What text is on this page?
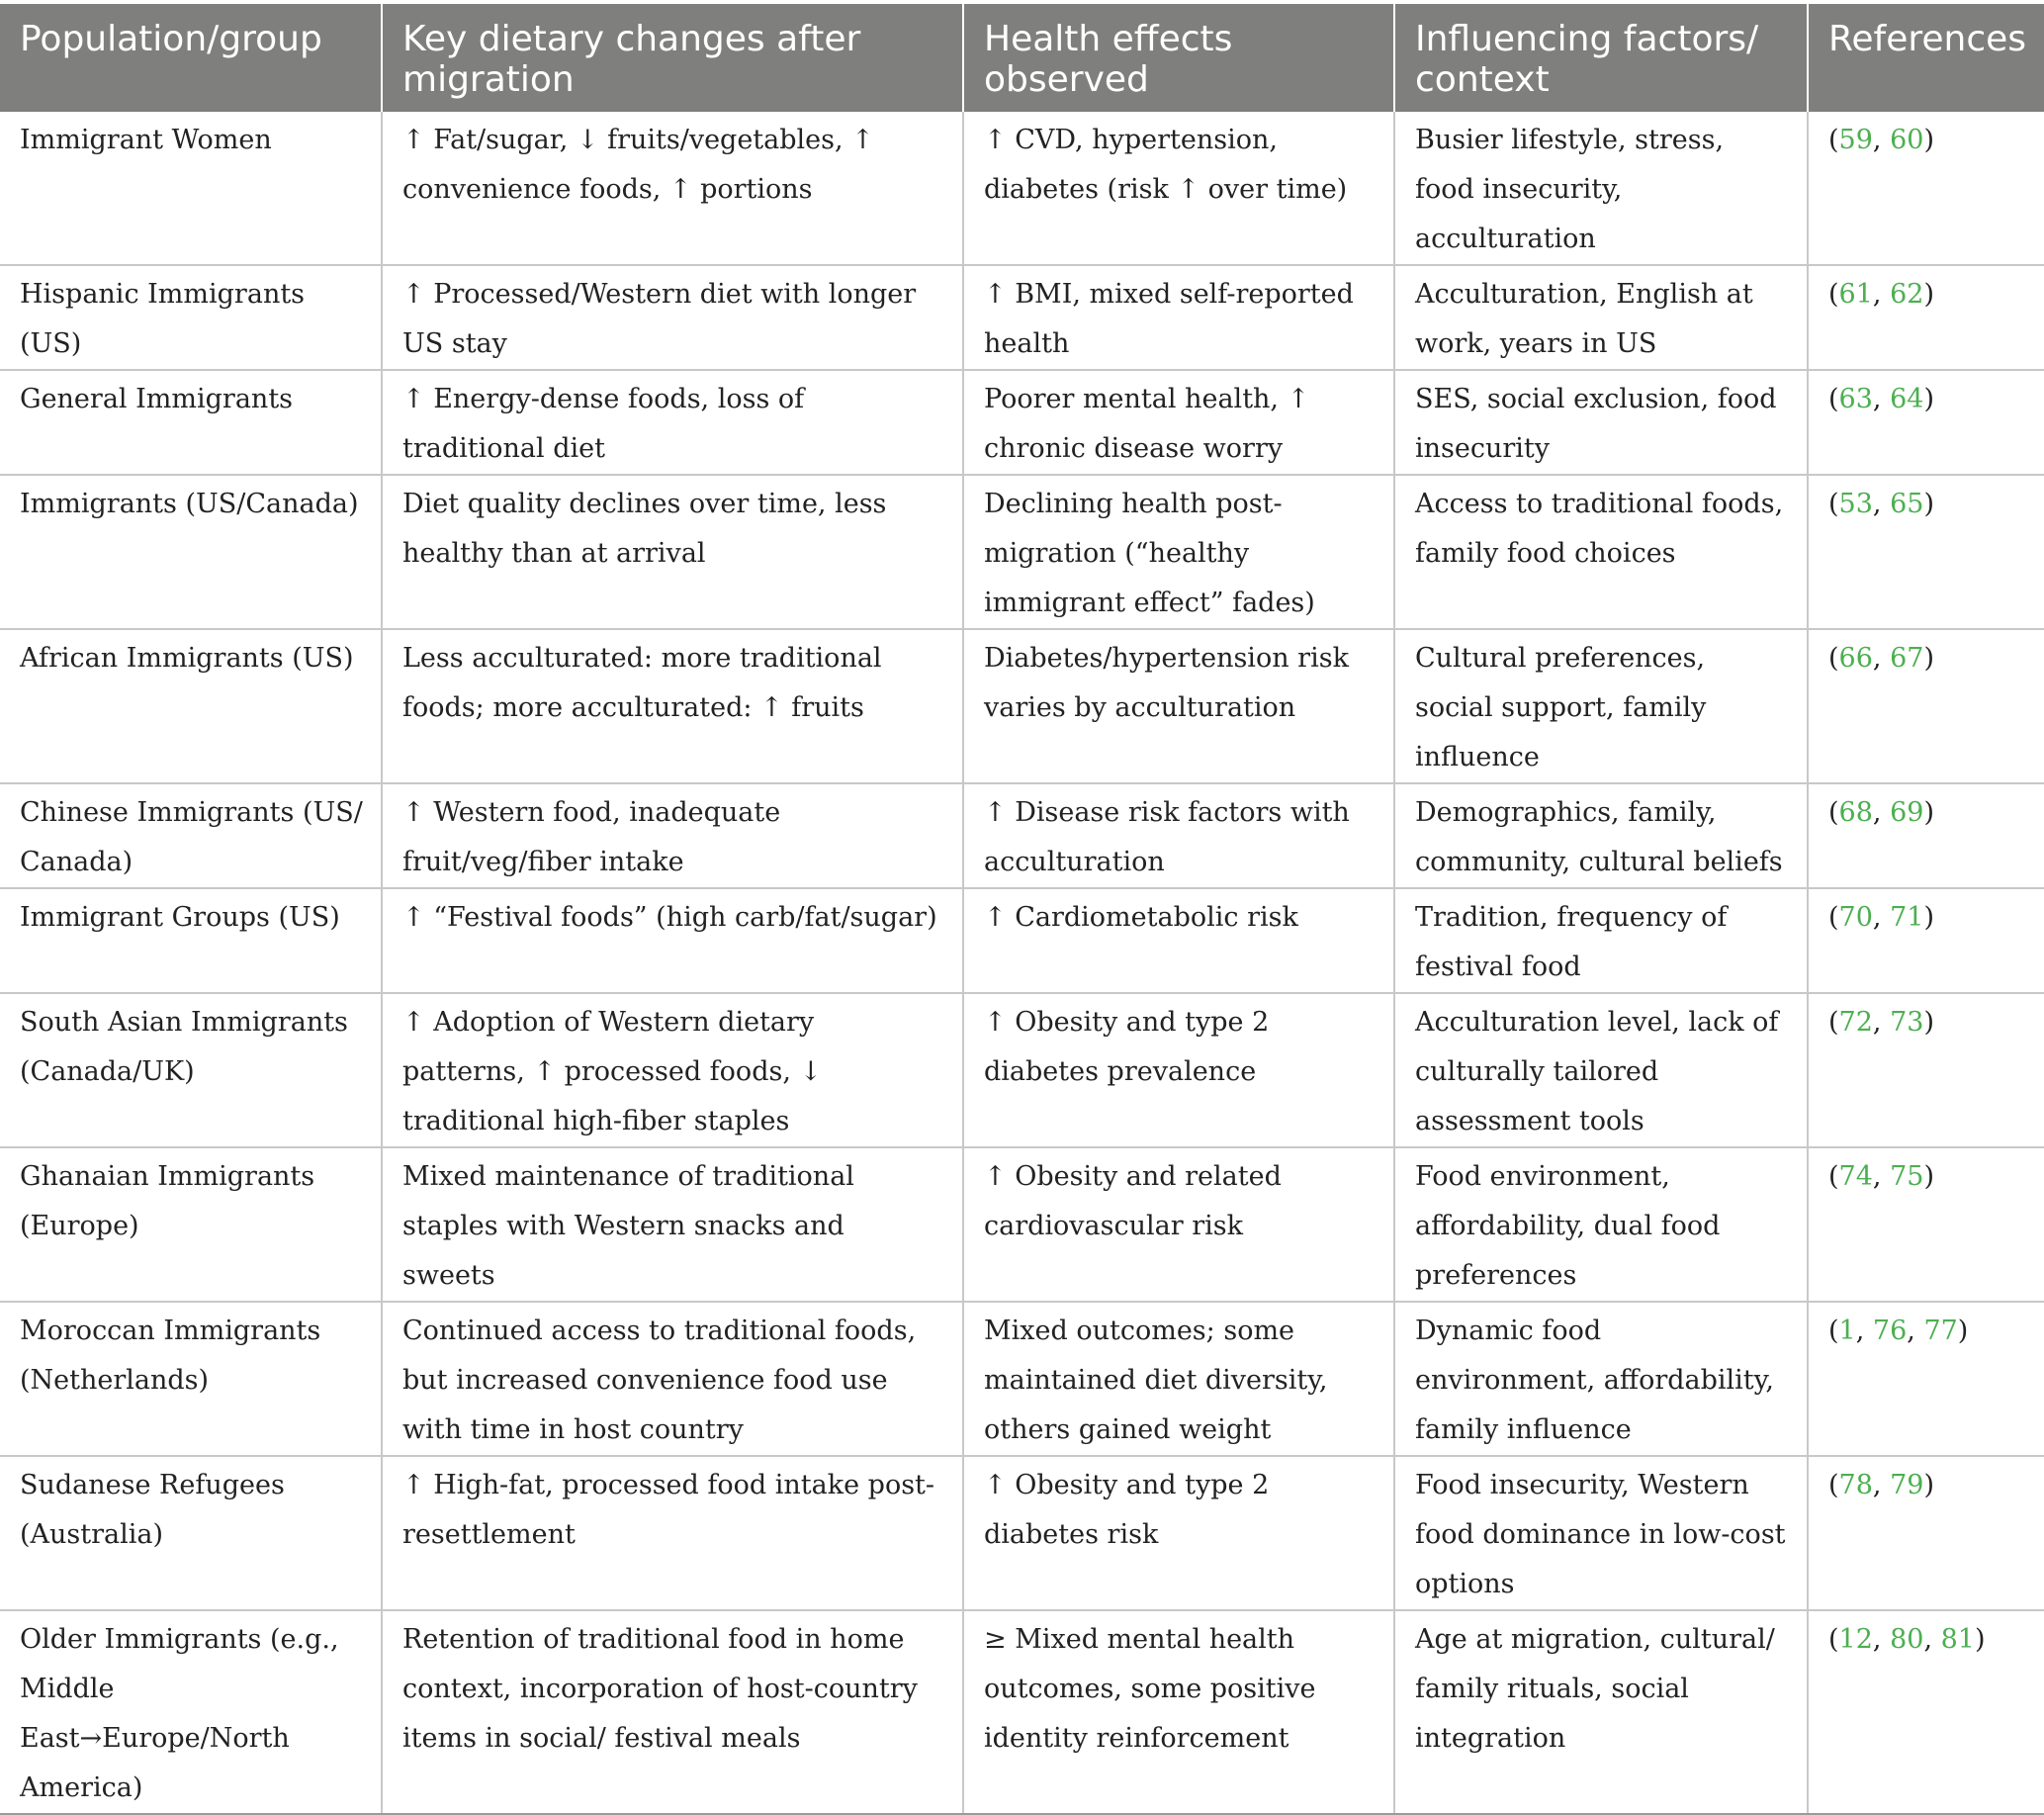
Population/group	Key dietary changes after migration	Health effects observed	Influencing factors/ context	References
Immigrant Women	↑ Fat/sugar, ↓ fruits/vegetables, ↑ convenience foods, ↑ portions	↑ CVD, hypertension, diabetes (risk ↑ over time)	Busier lifestyle, stress, food insecurity, acculturation	(59, 60)
Hispanic Immigrants (US)	↑ Processed/Western diet with longer US stay	↑ BMI, mixed self-reported health	Acculturation, English at work, years in US	(61, 62)
General Immigrants	↑ Energy-dense foods, loss of traditional diet	Poorer mental health, ↑ chronic disease worry	SES, social exclusion, food insecurity	(63, 64)
Immigrants (US/Canada)	Diet quality declines over time, less healthy than at arrival	Declining health post-migration (“healthy immigrant effect” fades)	Access to traditional foods, family food choices	(53, 65)
African Immigrants (US)	Less acculturated: more traditional foods; more acculturated: ↑ fruits	Diabetes/hypertension risk varies by acculturation	Cultural preferences, social support, family influence	(66, 67)
Chinese Immigrants (US/ Canada)	↑ Western food, inadequate fruit/veg/fiber intake	↑ Disease risk factors with acculturation	Demographics, family, community, cultural beliefs	(68, 69)
Immigrant Groups (US)	↑ “Festival foods” (high carb/fat/sugar)	↑ Cardiometabolic risk	Tradition, frequency of festival food	(70, 71)
South Asian Immigrants (Canada/UK)	↑ Adoption of Western dietary patterns, ↑ processed foods, ↓ traditional high-fiber staples	↑ Obesity and type 2 diabetes prevalence	Acculturation level, lack of culturally tailored assessment tools	(72, 73)
Ghanaian Immigrants (Europe)	Mixed maintenance of traditional staples with Western snacks and sweets	↑ Obesity and related cardiovascular risk	Food environment, affordability, dual food preferences	(74, 75)
Moroccan Immigrants (Netherlands)	Continued access to traditional foods, but increased convenience food use with time in host country	Mixed outcomes; some maintained diet diversity, others gained weight	Dynamic food environment, affordability, family influence	(1, 76, 77)
Sudanese Refugees (Australia)	↑ High-fat, processed food intake post-resettlement	↑ Obesity and type 2 diabetes risk	Food insecurity, Western food dominance in low-cost options	(78, 79)
Older Immigrants (e.g., Middle East→Europe/North America)	Retention of traditional food in home context, incorporation of host-country items in social/ festival meals	≥ Mixed mental health outcomes, some positive identity reinforcement	Age at migration, cultural/ family rituals, social integration	(12, 80, 81)
